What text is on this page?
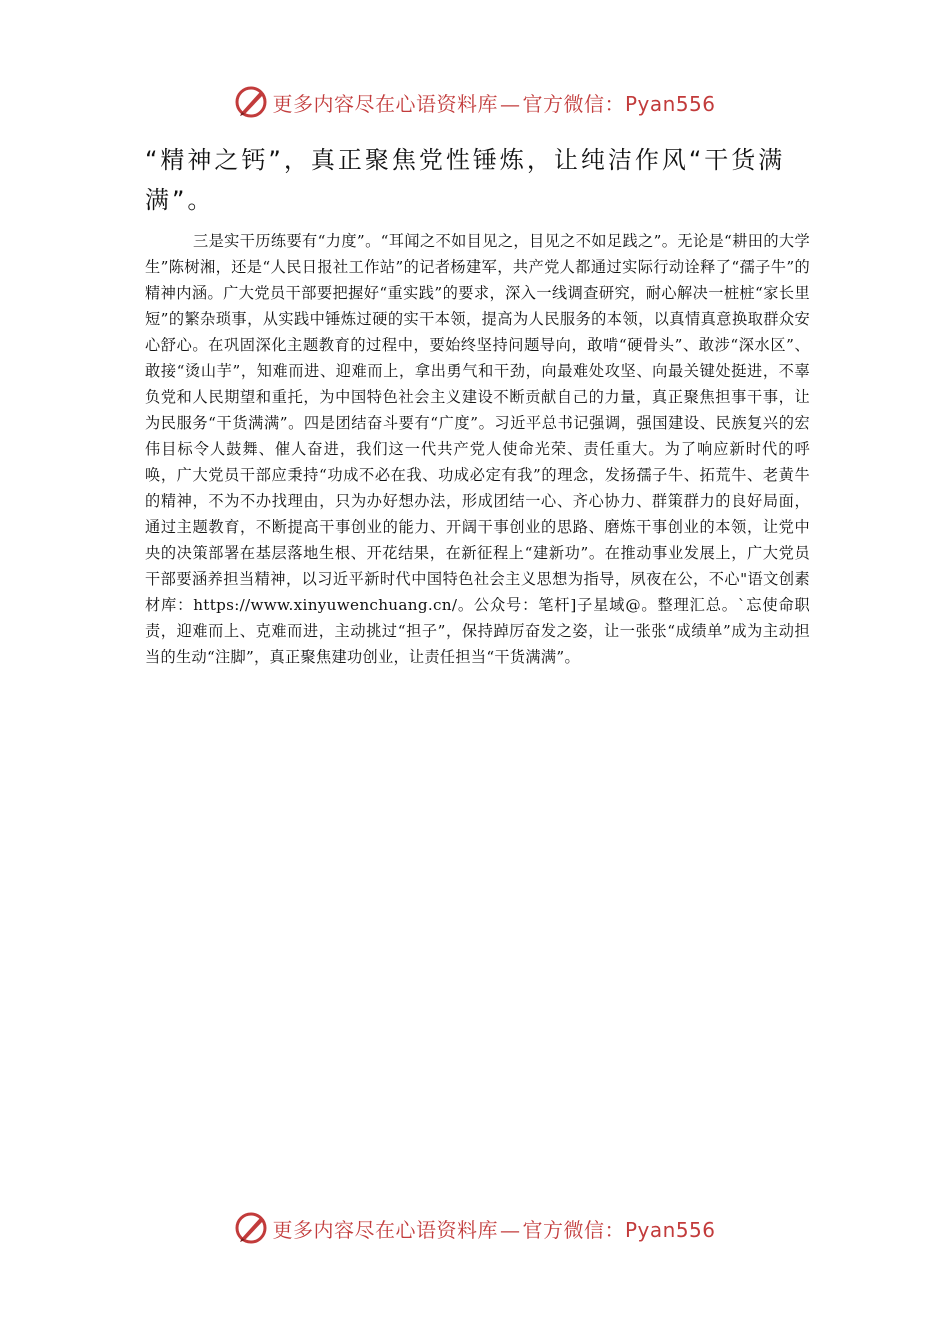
更多内容尽在心语资料库 — 官方微信：Pyan556
“精神之钙”，真正聚焦党性锤炼，让纯洁作风“干货满满”。
三是实干历练要有“力度”。“耳闻之不如目见之，目见之不如足践之”。无论是“耕田的大学生”陈树湘，还是“人民日报社工作站”的记者杨建军，共产党人都通过实际行动诠释了“孺子牛”的精神内涵。广大党员干部要把握好“重实践”的要求，深入一线调查研究，耐心解决一桩桩“家长里短”的繁杂琐事，从实践中锤炼过硬的实干本领，提高为人民服务的本领，以真情真意换取群众安心舒心。在巩固深化主题教育的过程中，要始终坚持问题导向，敢啃“硬骨头”、敢涉“深水区”、敢接“烫山芋”，知难而进、迎难而上，拿出勇气和干劲，向最难处攻坚、向最关键处挺进，不辜负党和人民期望和重托，为中国特色社会主义建设不断贡献自己的力量，真正聚焦担事干事，让为民服务“干货满满”。四是团结奋斗要有“广度”。习近平总书记强调，强国建设、民族复兴的宏伟目标令人鼓舞、催人奋进，我们这一代共产党人使命光荣、责任重大。为了响应新时代的呼唤，广大党员干部应秉持“功成不必在我、功成必定有我”的理念，发扬孺子牛、拓荒牛、老黄牛的精神，不为不办找理由，只为办好想办法，形成团结一心、齐心协力、群策群力的良好局面，通过主题教育，不断提高干事创业的能力、开阔干事创业的思路、磨炼干事创业的本领，让党中央的决策部署在基层落地生根、开花结果，在新征程上“建新功”。在推动事业发展上，广大党员干部要涵养担当精神，以习近平新时代中国特色社会主义思想为指导，夙夜在公，不心"语文创素材库：https://www.xinyuwenchuang.cn/。公众号：笔杆]子星域@。整理汇总。`忘使命职责，迎难而上、克难而进，主动挑过“担子”，保持踔厉奋发之姿，让一张张“成绩单”成为主动担当的生动“注脚”，真正聚焦建功创业，让责任担当“干货满满”。
更多内容尽在心语资料库 — 官方微信：Pyan556
